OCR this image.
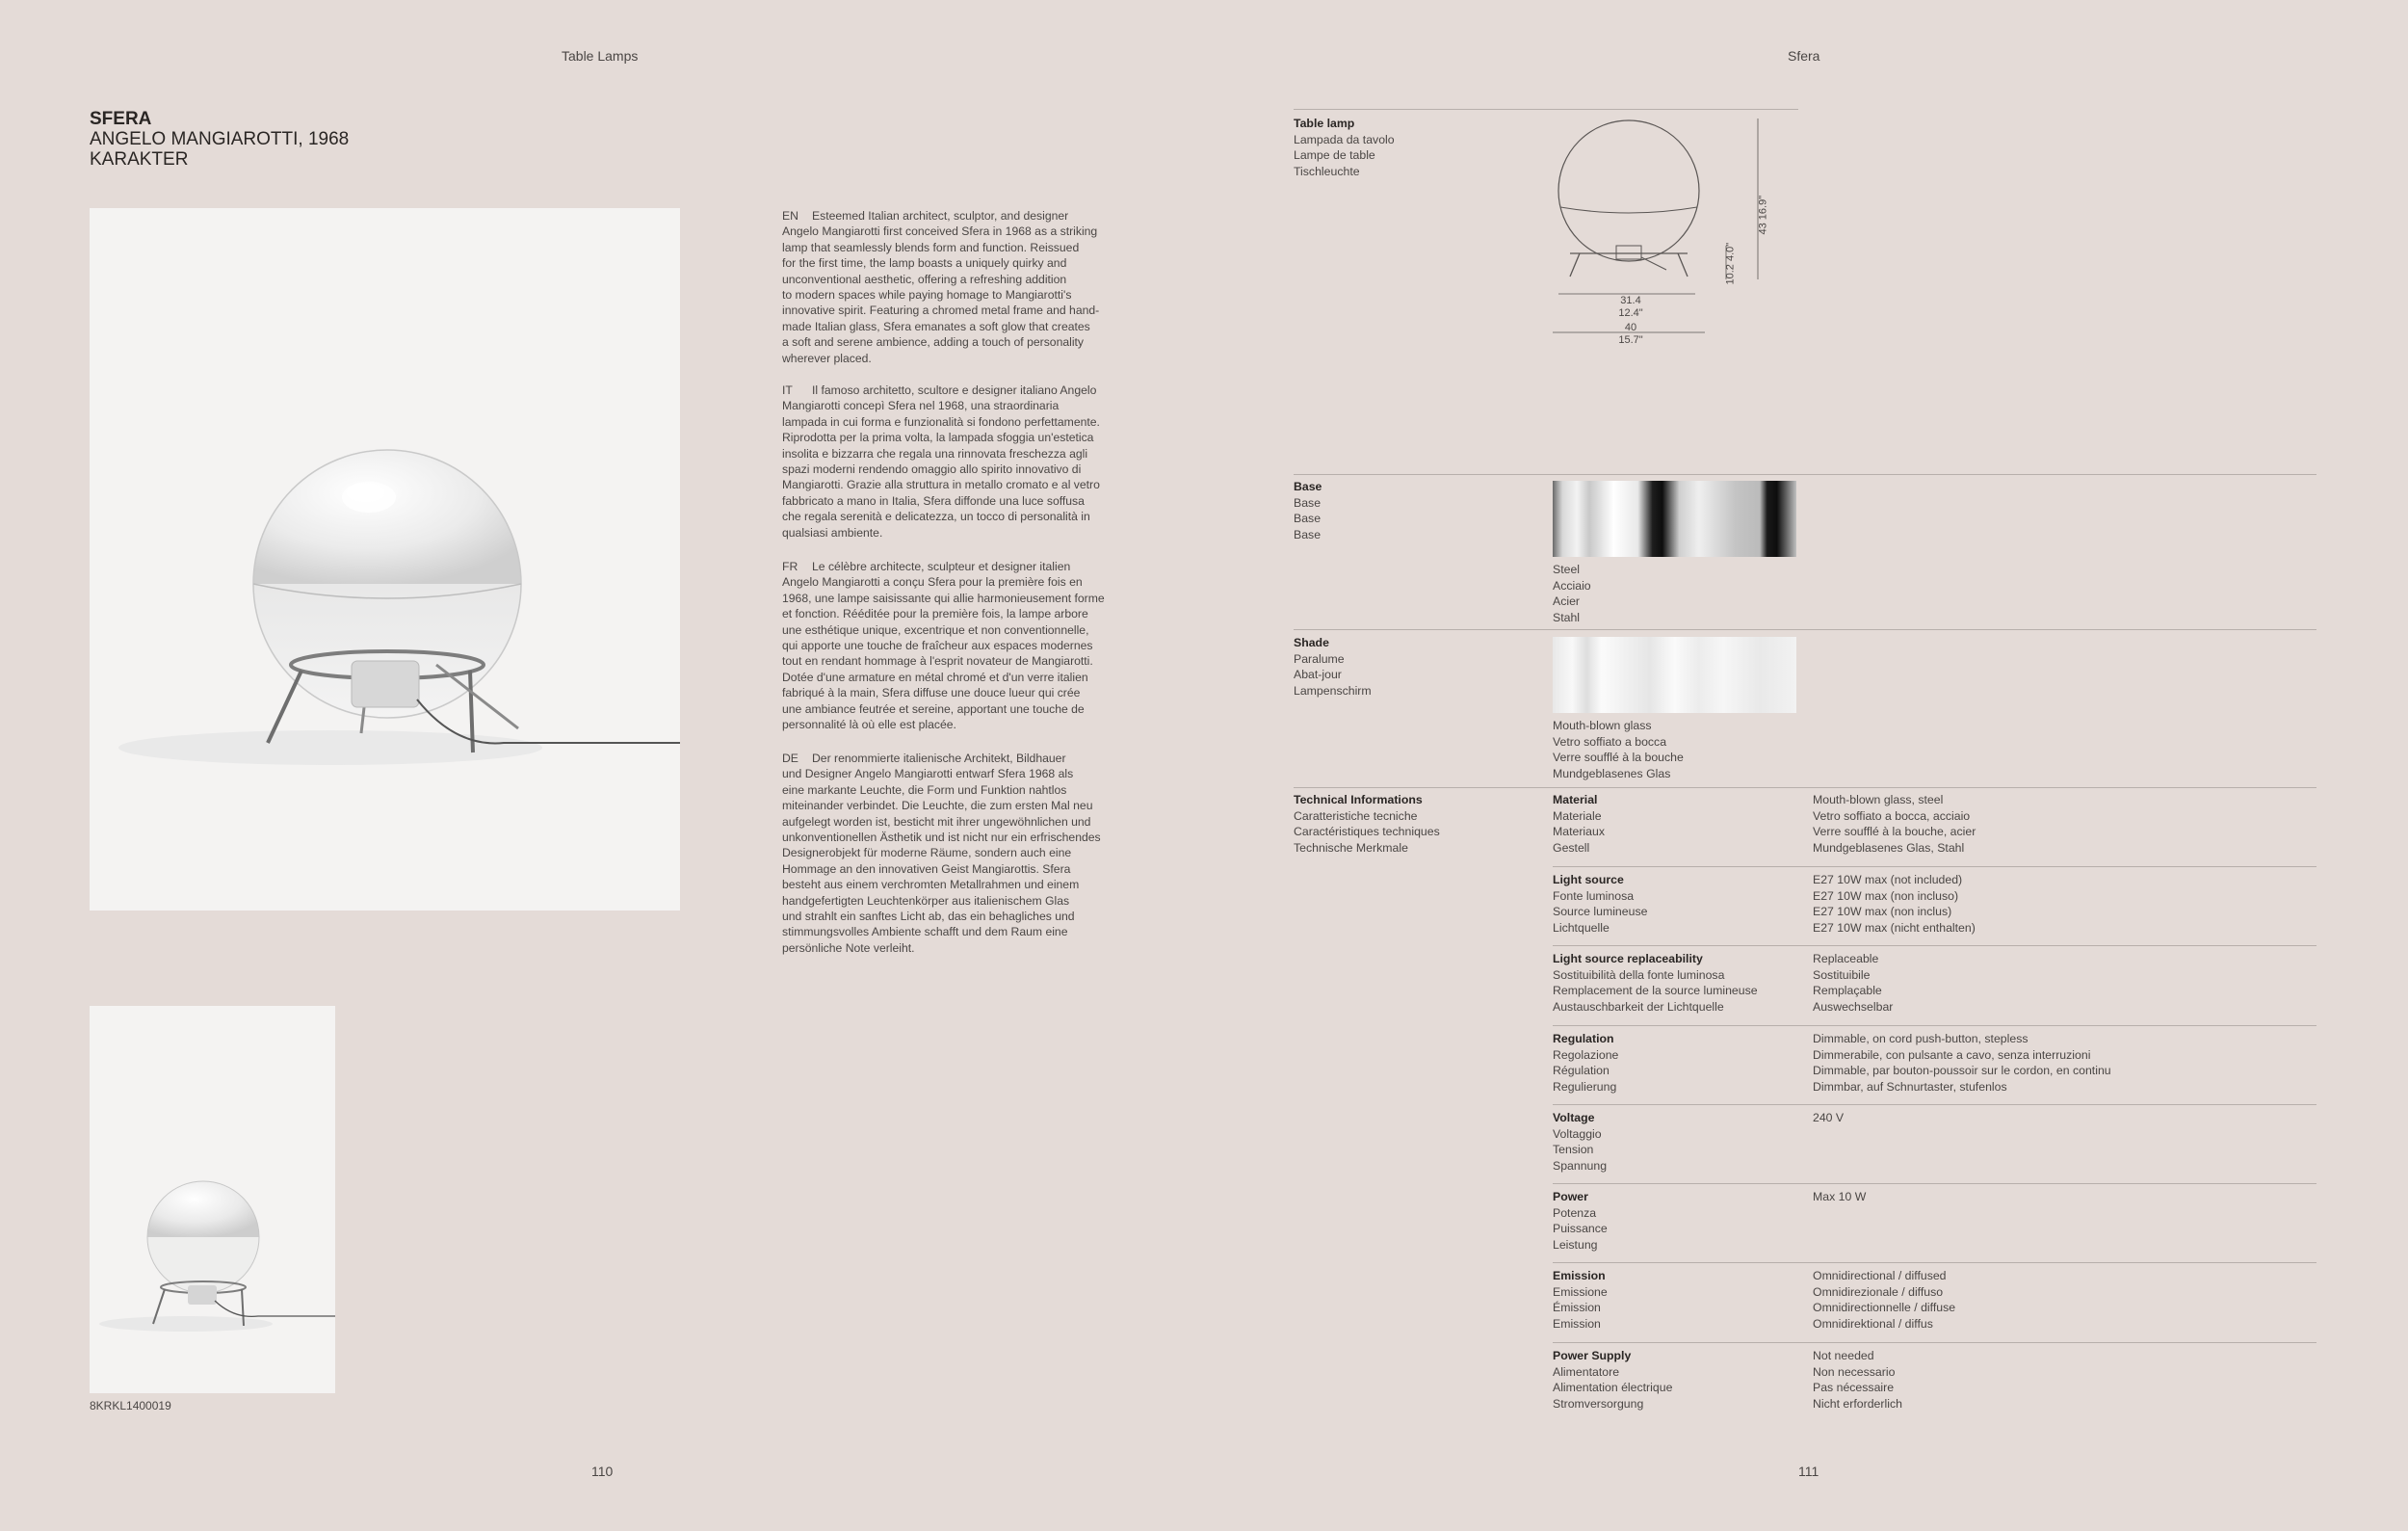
Table Lamps	Sfera
SFERA
ANGELO MANGIAROTTI, 1968
KARAKTER
8KRKL1400019
EN Esteemed Italian architect, sculptor, and designer
Angelo Mangiarotti first conceived Sfera in 1968 as a striking
lamp that seamlessly blends form and function. Reissued
for the first time, the lamp boasts a uniquely quirky and
unconventional aesthetic, offering a refreshing addition
to modern spaces while paying homage to Mangiarotti's
innovative spirit. Featuring a chromed metal frame and hand-
made Italian glass, Sfera emanates a soft glow that creates
a soft and serene ambience, adding a touch of personality
wherever placed.
IT Il famoso architetto, scultore e designer italiano Angelo
Mangiarotti concepì Sfera nel 1968, una straordinaria
lampada in cui forma e funzionalità si fondono perfettamente.
Riprodotta per la prima volta, la lampada sfoggia un'estetica
insolita e bizzarra che regala una rinnovata freschezza agli
spazi moderni rendendo omaggio allo spirito innovativo di
Mangiarotti. Grazie alla struttura in metallo cromato e al vetro
fabbricato a mano in Italia, Sfera diffonde una luce soffusa
che regala serenità e delicatezza, un tocco di personalità in
qualsiasi ambiente.
FR Le célèbre architecte, sculpteur et designer italien
Angelo Mangiarotti a conçu Sfera pour la première fois en
1968, une lampe saisissante qui allie harmonieusement forme
et fonction. Rééditée pour la première fois, la lampe arbore
une esthétique unique, excentrique et non conventionnelle,
qui apporte une touche de fraîcheur aux espaces modernes
tout en rendant hommage à l'esprit novateur de Mangiarotti.
Dotée d'une armature en métal chromé et d'un verre italien
fabriqué à la main, Sfera diffuse une douce lueur qui crée
une ambiance feutrée et sereine, apportant une touche de
personnalité là où elle est placée.
DE Der renommierte italienische Architekt, Bildhauer
und Designer Angelo Mangiarotti entwarf Sfera 1968 als
eine markante Leuchte, die Form und Funktion nahtlos
miteinander verbindet. Die Leuchte, die zum ersten Mal neu
aufgelegt worden ist, besticht mit ihrer ungewöhnlichen und
unkonventionellen Ästhetik und ist nicht nur ein erfrischendes
Designerobjekt für moderne Räume, sondern auch eine
Hommage an den innovativen Geist Mangiarottis. Sfera
besteht aus einem verchromten Metallrahmen und einem
handgefertigten Leuchtenkörper aus italienischem Glas
und strahlt ein sanftes Licht ab, das ein behagliches und
stimmungsvolles Ambiente schafft und dem Raum eine
persönliche Note verleiht.
110	111
Table lamp
Lampada da tavolo
Lampe de table
Tischleuchte
31.4
12.4"
40
15.7"
43 16.9"
10.2 4.0"
Base
Base
Base
Base
Steel
Acciaio
Acier
Stahl
Shade
Paralume
Abat-jour
Lampenschirm
Mouth-blown glass
Vetro soffiato a bocca
Verre soufflé à la bouche
Mundgeblasenes Glas
Technical Informations
Caratteristiche tecniche
Caractéristiques techniques
Technische Merkmale
Material
Materiale
Materiaux
Gestell
Mouth-blown glass, steel
Vetro soffiato a bocca, acciaio
Verre soufflé à la bouche, acier
Mundgeblasenes Glas, Stahl
Light source
Fonte luminosa
Source lumineuse
Lichtquelle
E27 10W max (not included)
E27 10W max (non incluso)
E27 10W max (non inclus)
E27 10W max (nicht enthalten)
Light source replaceability
Sostituibilità della fonte luminosa
Remplacement de la source lumineuse
Austauschbarkeit der Lichtquelle
Replaceable
Sostituibile
Remplaçable
Auswechselbar
Regulation
Regolazione
Régulation
Regulierung
Dimmable, on cord push-button, stepless
Dimmerabile, con pulsante a cavo, senza interruzioni
Dimmable, par bouton-poussoir sur le cordon, en continu
Dimmbar, auf Schnurtaster, stufenlos
Voltage
Voltaggio
Tension
Spannung
240 V
Power
Potenza
Puissance
Leistung
Max 10 W
Emission
Emissione
Émission
Emission
Omnidirectional / diffused
Omnidirezionale / diffuso
Omnidirectionnelle / diffuse
Omnidirektional / diffus
Power Supply
Alimentatore
Alimentation électrique
Stromversorgung
Not needed
Non necessario
Pas nécessaire
Nicht erforderlich
